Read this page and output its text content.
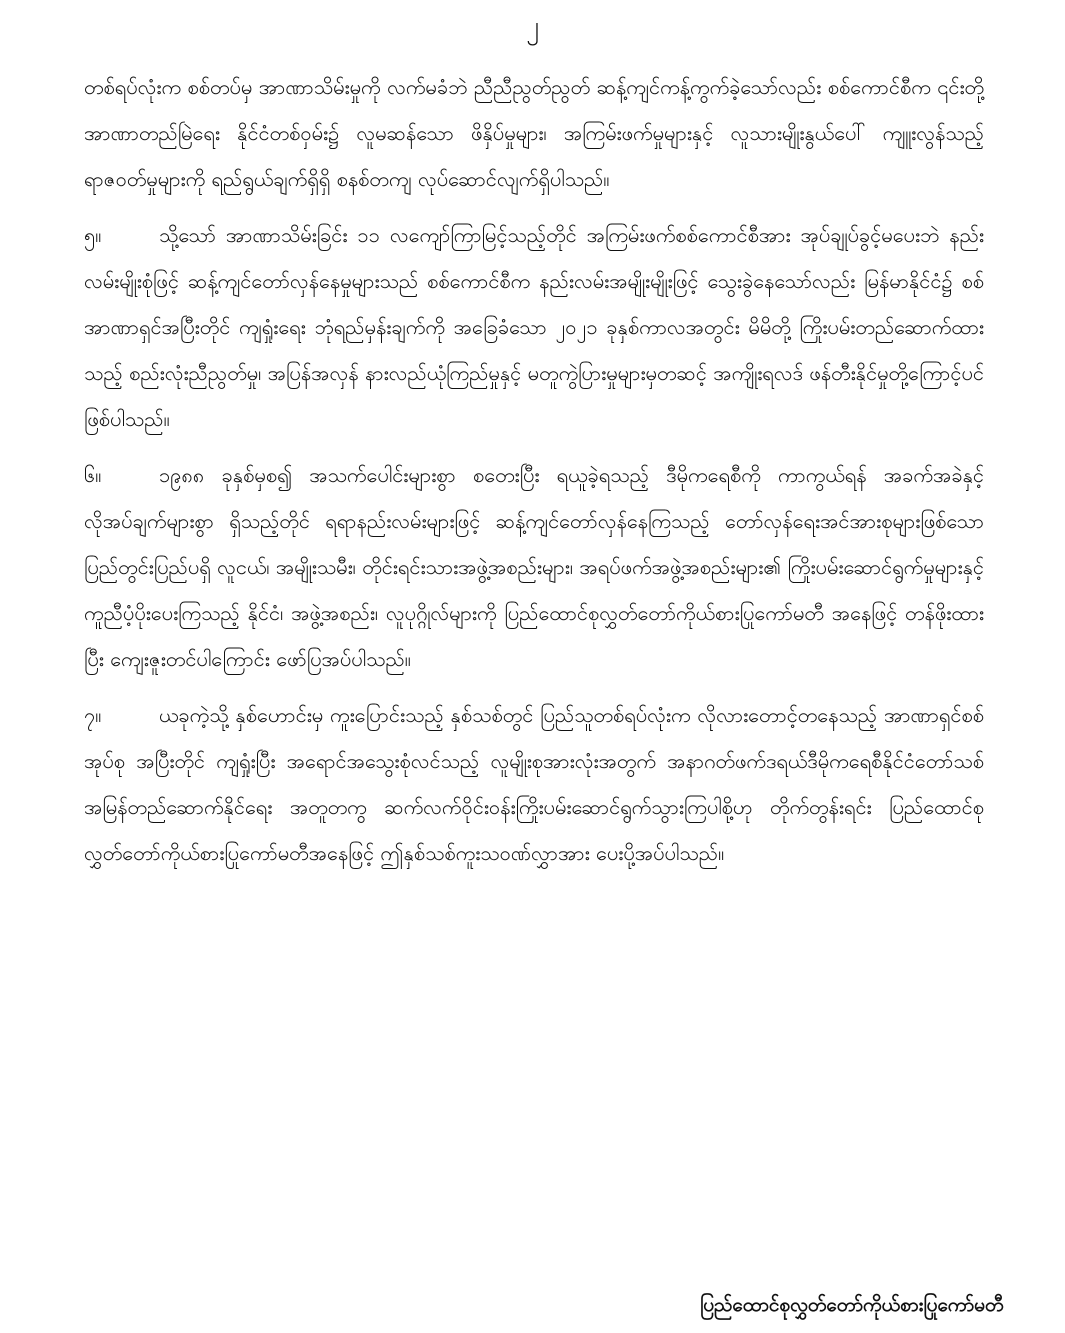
၂

တစ်ရပ်လုံးက စစ်တပ်မှ အာဏာသိမ်းမှုကို လက်မခံဘဲ ညီညီညွတ်ညွတ် ဆန့်ကျင်ကန့်ကွက်ခဲ့သော်လည်း စစ်ကောင်စီက ၎င်းတို့ အာဏာတည်မြဲရေး နိုင်ငံတစ်ဝှမ်း၌ လူမဆန်သော ဖိနှိပ်မှုများ၊ အကြမ်းဖက်မှုများနှင့် လူသားမျိုးနွယ်ပေါ် ကျူးလွန်သည့် ရာဇဝတ်မှုများကို ရည်ရွယ်ချက်ရှိရှိ စနစ်တကျ လုပ်ဆောင်လျက်ရှိပါသည်။

၅။	သို့သော် အာဏာသိမ်းခြင်း ၁၁ လကျော်ကြာမြင့်သည့်တိုင် အကြမ်းဖက်စစ်ကောင်စီအား အုပ်ချုပ်ခွင့်မပေးဘဲ နည်းလမ်းမျိုးစုံဖြင့် ဆန့်ကျင်တော်လှန်နေမှုများသည် စစ်ကောင်စီက နည်းလမ်းအမျိုးမျိုးဖြင့် သွေးခွဲနေသော်လည်း မြန်မာနိုင်ငံ၌ စစ်အာဏာရှင်အပြီးတိုင် ကျရှုံးရေး ဘုံရည်မှန်းချက်ကို အခြေခံသော ၂၀၂၁ ခုနှစ်ကာလအတွင်း မိမိတို့ ကြိုးပမ်းတည်ဆောက်ထားသည့် စည်းလုံးညီညွတ်မှု၊ အပြန်အလှန် နားလည်ယုံကြည်မှုနှင့် မတူကွဲပြားမှုများမှတဆင့် အကျိုးရလဒ် ဖန်တီးနိုင်မှုတို့ကြောင့်ပင် ဖြစ်ပါသည်။

၆။	၁၉၈၈ ခုနှစ်မှစ၍ အသက်ပေါင်းများစွာ စတေးပြီး ရယူခဲ့ရသည့် ဒီမိုကရေစီကို ကာကွယ်ရန် အခက်အခဲနှင့် လိုအပ်ချက်များစွာ ရှိသည့်တိုင် ရရာနည်းလမ်းများဖြင့် ဆန့်ကျင်တော်လှန်နေကြသည့် တော်လှန်ရေးအင်အားစုများဖြစ်သော ပြည်တွင်းပြည်ပရှိ လူငယ်၊ အမျိုးသမီး၊ တိုင်းရင်းသားအဖွဲ့အစည်းများ၊ အရပ်ဖက်အဖွဲ့အစည်းများ၏ ကြိုးပမ်းဆောင်ရွက်မှုများနှင့် ကူညီပံ့ပိုးပေးကြသည့် နိုင်ငံ၊ အဖွဲ့အစည်း၊ လူပုဂ္ဂိုလ်များကို ပြည်ထောင်စုလွှတ်တော်ကိုယ်စားပြုကော်မတီ အနေဖြင့် တန်ဖိုးထားပြီး ကျေးဇူးတင်ပါကြောင်း ဖော်ပြအပ်ပါသည်။

၇။	ယခုကဲ့သို့ နှစ်ဟောင်းမှ ကူးပြောင်းသည့် နှစ်သစ်တွင် ပြည်သူတစ်ရပ်လုံးက လိုလားတောင့်တနေသည့် အာဏာရှင်စစ်အုပ်စု အပြီးတိုင် ကျရှုံးပြီး အရောင်အသွေးစုံလင်သည့် လူမျိုးစုအားလုံးအတွက် အနာဂတ်ဖက်ဒရယ်ဒီမိုကရေစီနိုင်ငံတော်သစ် အမြန်တည်ဆောက်နိုင်ရေး အတူတကွ ဆက်လက်ဝိုင်းဝန်းကြိုးပမ်းဆောင်ရွက်သွားကြပါစို့ဟု တိုက်တွန်းရင်း ပြည်ထောင်စုလွှတ်တော်ကိုယ်စားပြုကော်မတီအနေဖြင့် ဤနှစ်သစ်ကူးသဝဏ်လွှာအား ပေးပို့အပ်ပါသည်။

ပြည်ထောင်စုလွှတ်တော်ကိုယ်စားပြုကော်မတီ
